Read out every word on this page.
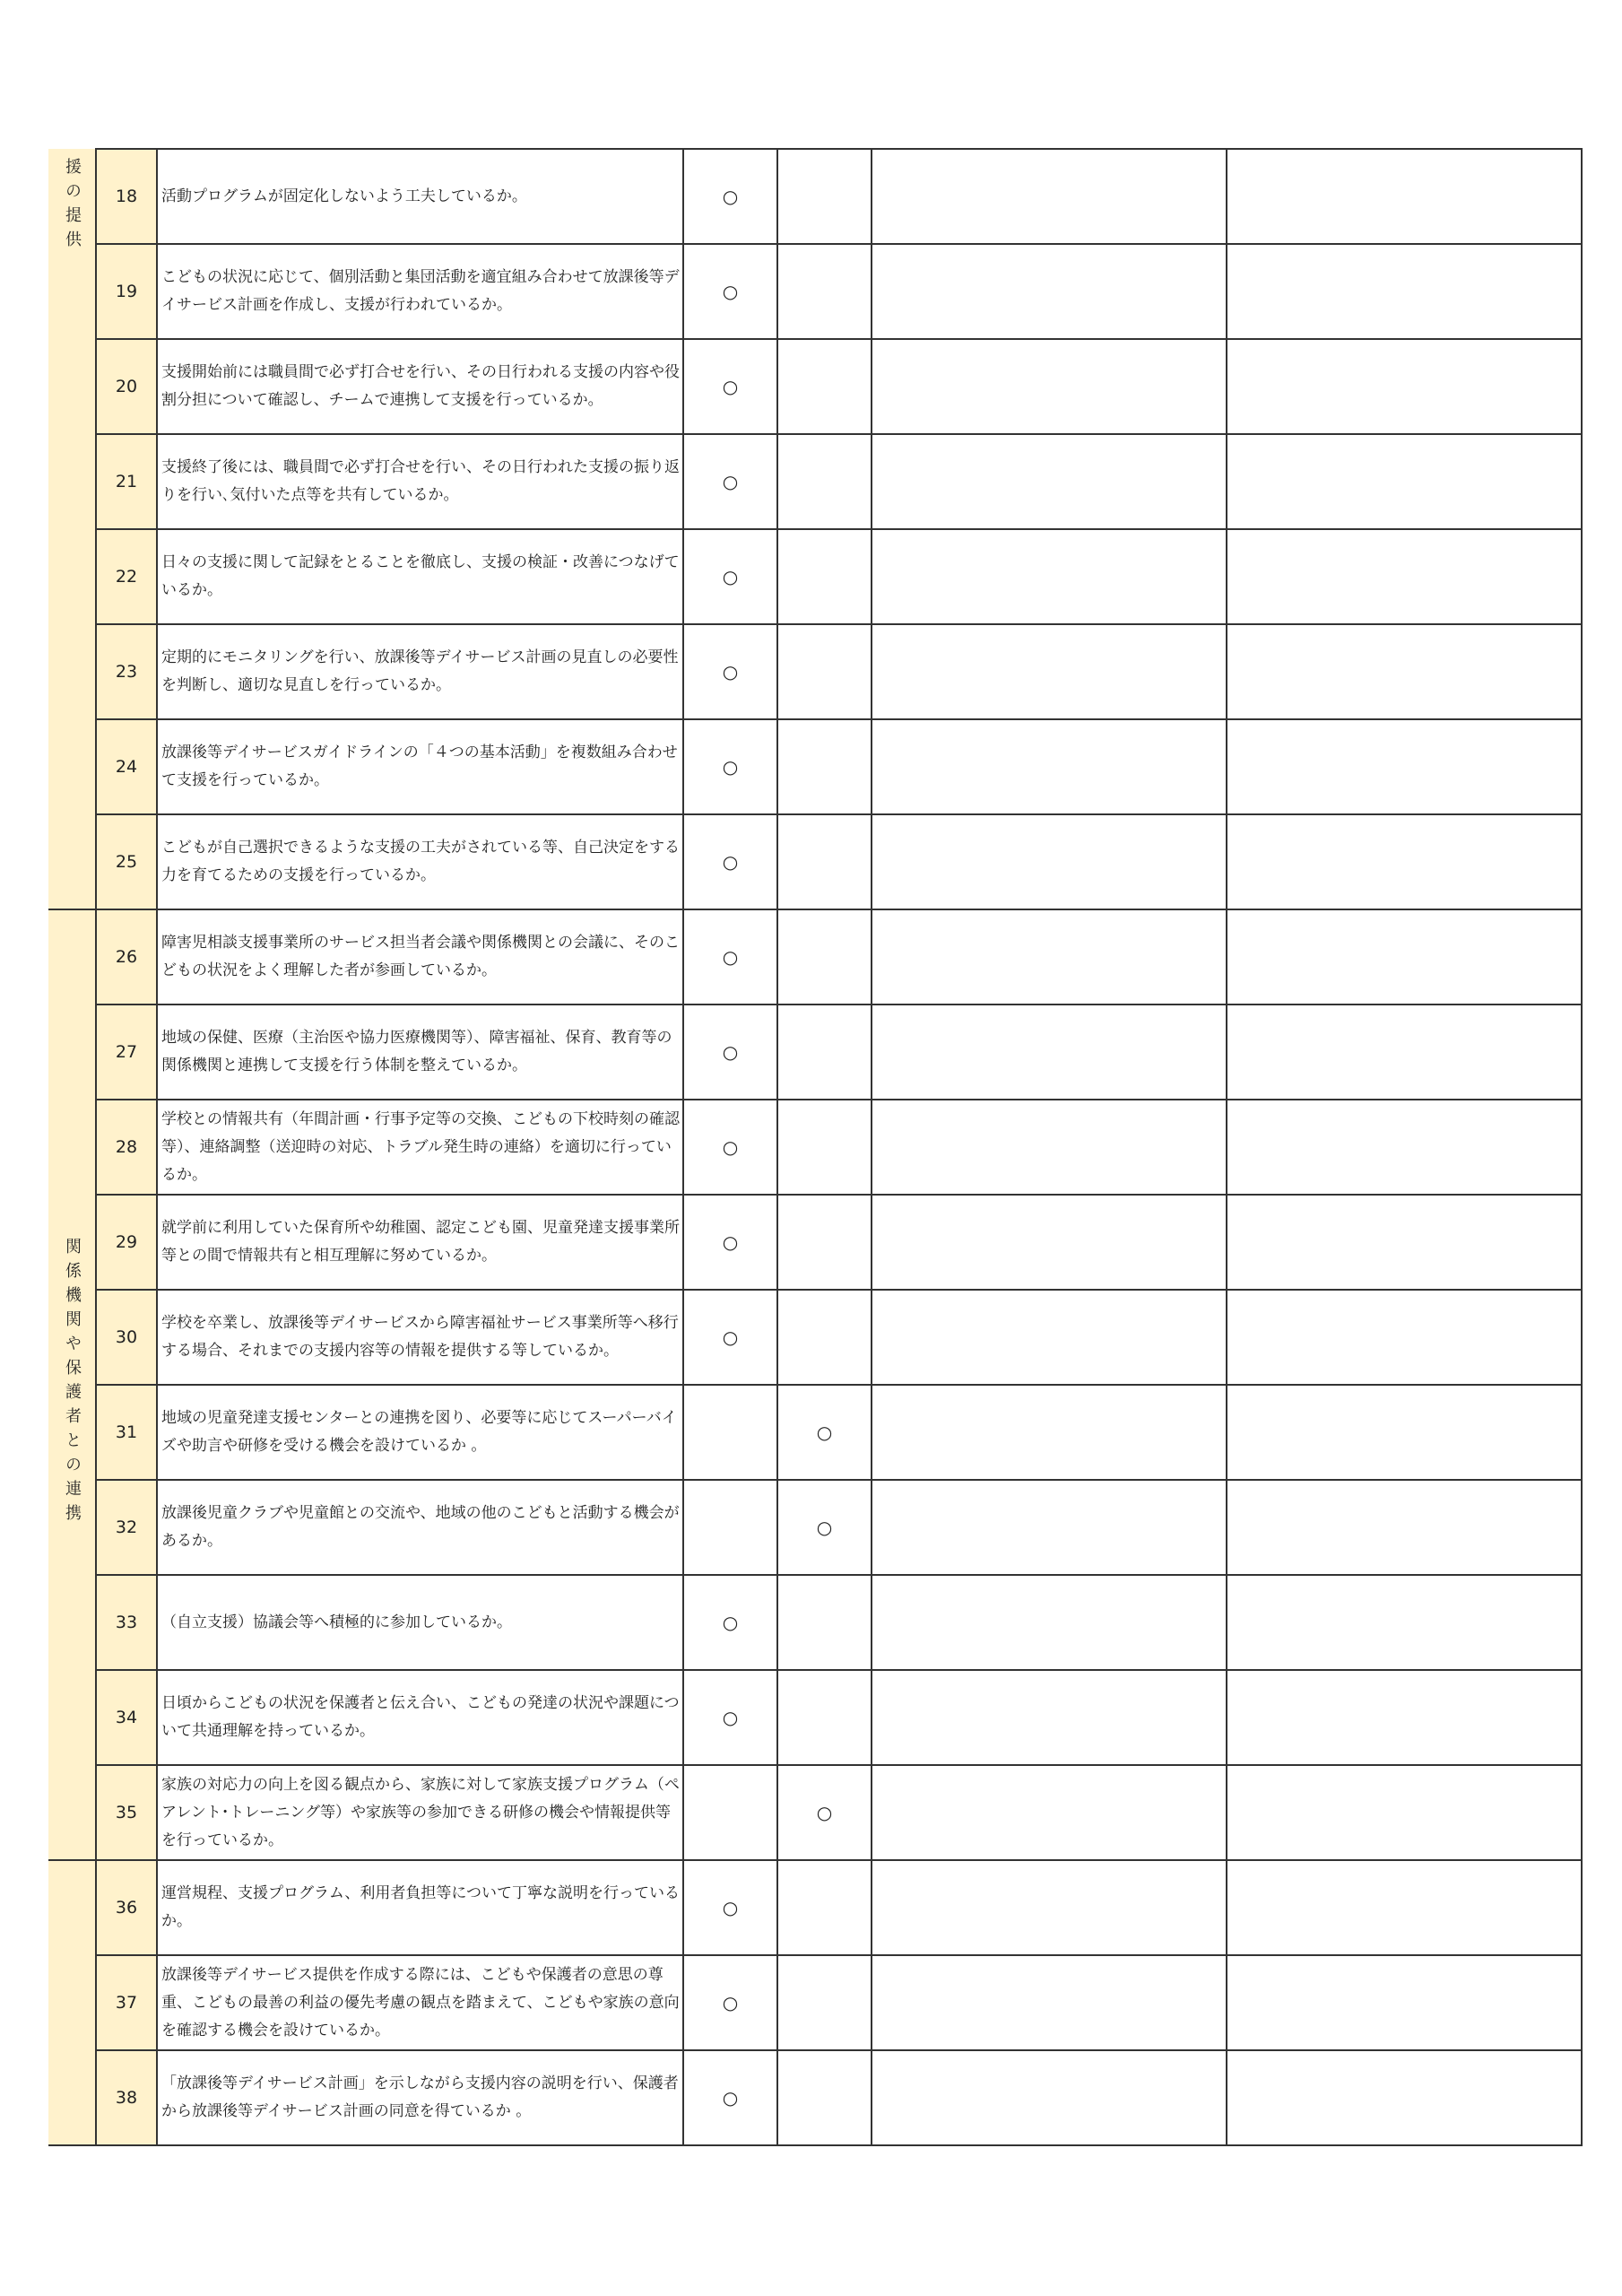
援の提供	18	活動プログラムが固定化しないよう工夫しているか。	○			
	19	こどもの状況に応じて、個別活動と集団活動を適宜組み合わせて放課後等デイサービス計画を作成し、支援が行われているか。	○			
	20	支援開始前には職員間で必ず打合せを行い、その日行われる支援の内容や役割分担について確認し、チームで連携して支援を行っているか。	○			
	21	支援終了後には、職員間で必ず打合せを行い、その日行われた支援の振り返りを行い､気付いた点等を共有しているか。	○			
	22	日々の支援に関して記録をとることを徹底し、支援の検証・改善につなげているか。	○			
	23	定期的にモニタリングを行い、放課後等デイサービス計画の見直しの必要性を判断し、適切な見直しを行っているか。	○			
	24	放課後等デイサービスガイドラインの「４つの基本活動」を複数組み合わせて支援を行っているか。	○			
	25	こどもが自己選択できるような支援の工夫がされている等、自己決定をする力を育てるための支援を行っているか。	○			
関係機関や保護者との連携	26	障害児相談支援事業所のサービス担当者会議や関係機関との会議に、そのこどもの状況をよく理解した者が参画しているか。	○			
	27	地域の保健、医療（主治医や協力医療機関等）、障害福祉、保育、教育等の関係機関と連携して支援を行う体制を整えているか。	○			
	28	学校との情報共有（年間計画・行事予定等の交換、こどもの下校時刻の確認等）、連絡調整（送迎時の対応、トラブル発生時の連絡）を適切に行っているか。	○			
	29	就学前に利用していた保育所や幼稚園、認定こども園、児童発達支援事業所等との間で情報共有と相互理解に努めているか。	○			
	30	学校を卒業し、放課後等デイサービスから障害福祉サービス事業所等へ移行する場合、それまでの支援内容等の情報を提供する等しているか。	○			
	31	地域の児童発達支援センターとの連携を図り、必要等に応じてスーパーバイズや助言や研修を受ける機会を設けているか 。		○		
	32	放課後児童クラブや児童館との交流や、地域の他のこどもと活動する機会があるか。		○		
	33	（自立支援）協議会等へ積極的に参加しているか。	○			
	34	日頃からこどもの状況を保護者と伝え合い、こどもの発達の状況や課題について共通理解を持っているか。	○			
	35	家族の対応力の向上を図る観点から、家族に対して家族支援プログラム（ペアレント･トレーニング等）や家族等の参加できる研修の機会や情報提供等を行っているか。		○		
	36	運営規程、支援プログラム、利用者負担等について丁寧な説明を行っているか。	○			
	37	放課後等デイサービス提供を作成する際には、こどもや保護者の意思の尊重、こどもの最善の利益の優先考慮の観点を踏まえて、こどもや家族の意向を確認する機会を設けているか。	○			
	38	「放課後等デイサービス計画」を示しながら支援内容の説明を行い、保護者から放課後等デイサービス計画の同意を得ているか 。	○			
